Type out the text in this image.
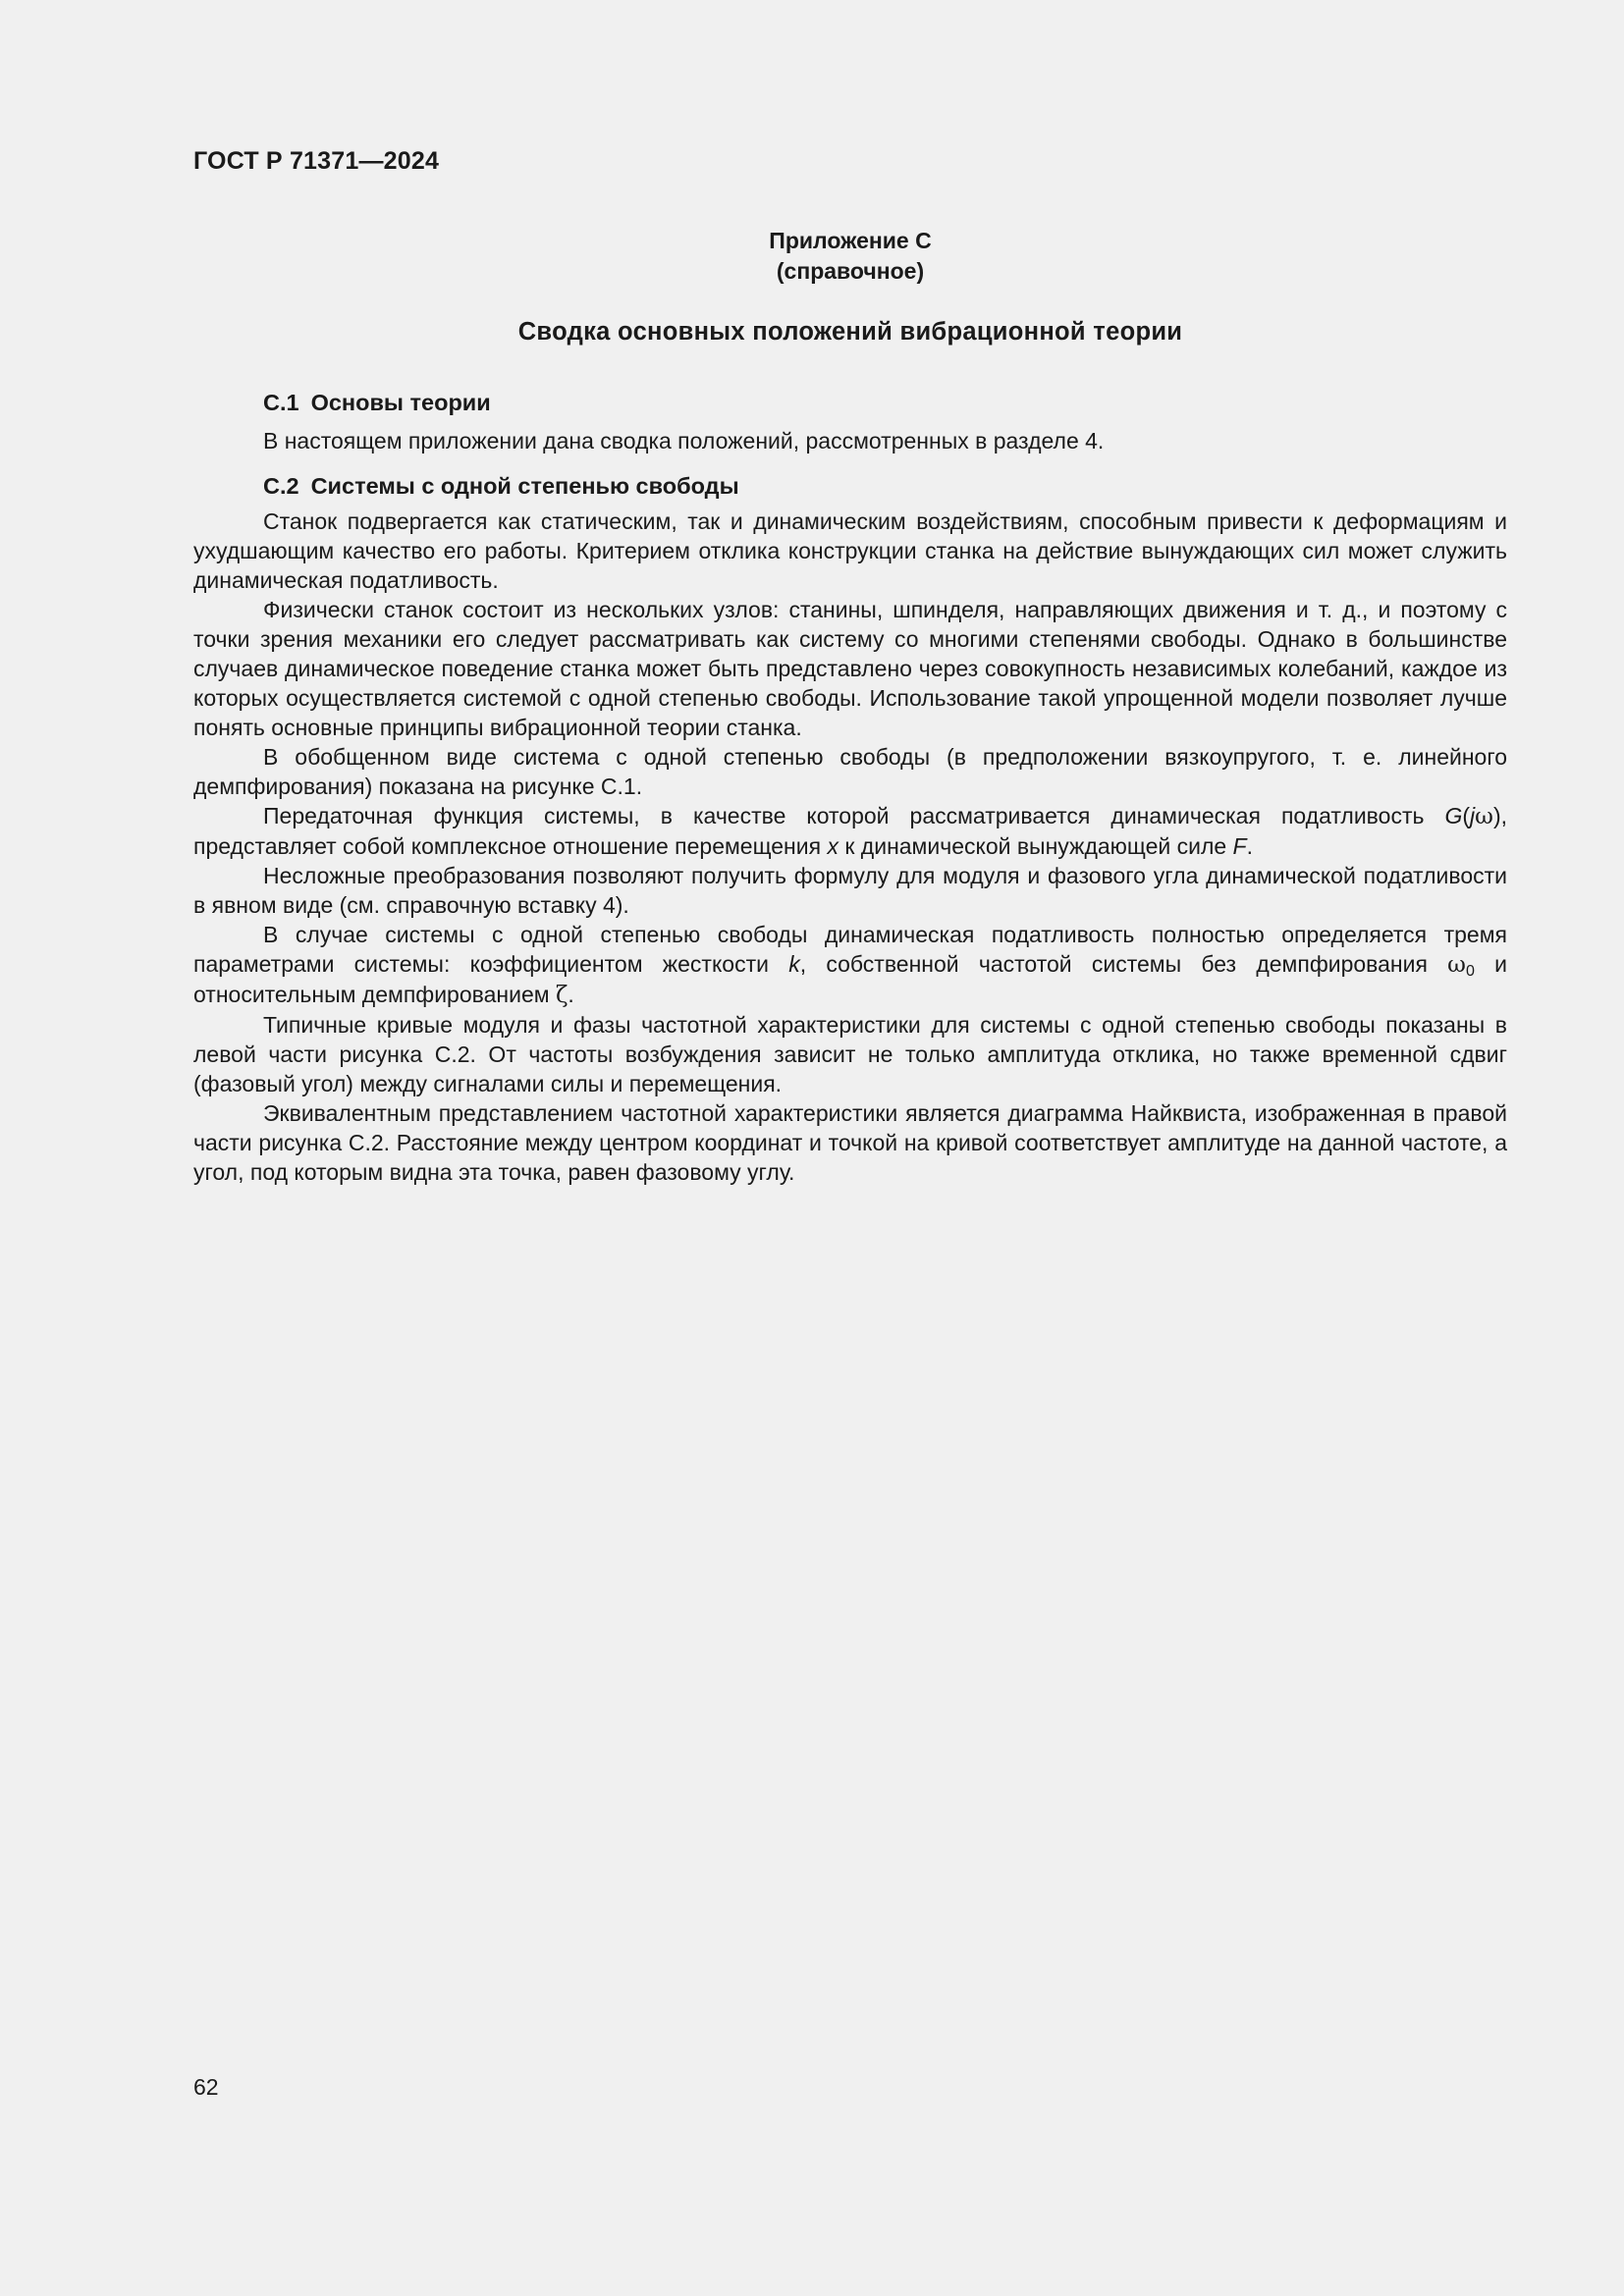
ГОСТ Р 71371—2024
Приложение С
(справочное)
Сводка основных положений вибрационной теории
С.1 Основы теории

В настоящем приложении дана сводка положений, рассмотренных в разделе 4.

С.2 Системы с одной степенью свободы

Станок подвергается как статическим, так и динамическим воздействиям, способным привести к деформациям и ухудшающим качество его работы. Критерием отклика конструкции станка на действие вынуждающих сил может служить динамическая податливость.

Физически станок состоит из нескольких узлов: станины, шпинделя, направляющих движения и т. д., и поэтому с точки зрения механики его следует рассматривать как систему со многими степенями свободы. Однако в большинстве случаев динамическое поведение станка может быть представлено через совокупность независимых колебаний, каждое из которых осуществляется системой с одной степенью свободы. Использование такой упрощенной модели позволяет лучше понять основные принципы вибрационной теории станка.

В обобщенном виде система с одной степенью свободы (в предположении вязкоупругого, т. е. линейного демпфирования) показана на рисунке С.1.

Передаточная функция системы, в качестве которой рассматривается динамическая податливость G(jω), представляет собой комплексное отношение перемещения x к динамической вынуждающей силе F.

Несложные преобразования позволяют получить формулу для модуля и фазового угла динамической податливости в явном виде (см. справочную вставку 4).

В случае системы с одной степенью свободы динамическая податливость полностью определяется тремя параметрами системы: коэффициентом жесткости k, собственной частотой системы без демпфирования $\omega_0$ и относительным демпфированием ζ.

Типичные кривые модуля и фазы частотной характеристики для системы с одной степенью свободы показаны в левой части рисунка С.2. От частоты возбуждения зависит не только амплитуда отклика, но также временной сдвиг (фазовый угол) между сигналами силы и перемещения.

Эквивалентным представлением частотной характеристики является диаграмма Найквиста, изображенная в правой части рисунка С.2. Расстояние между центром координат и точкой на кривой соответствует амплитуде на данной частоте, а угол, под которым видна эта точка, равен фазовому углу.

62
